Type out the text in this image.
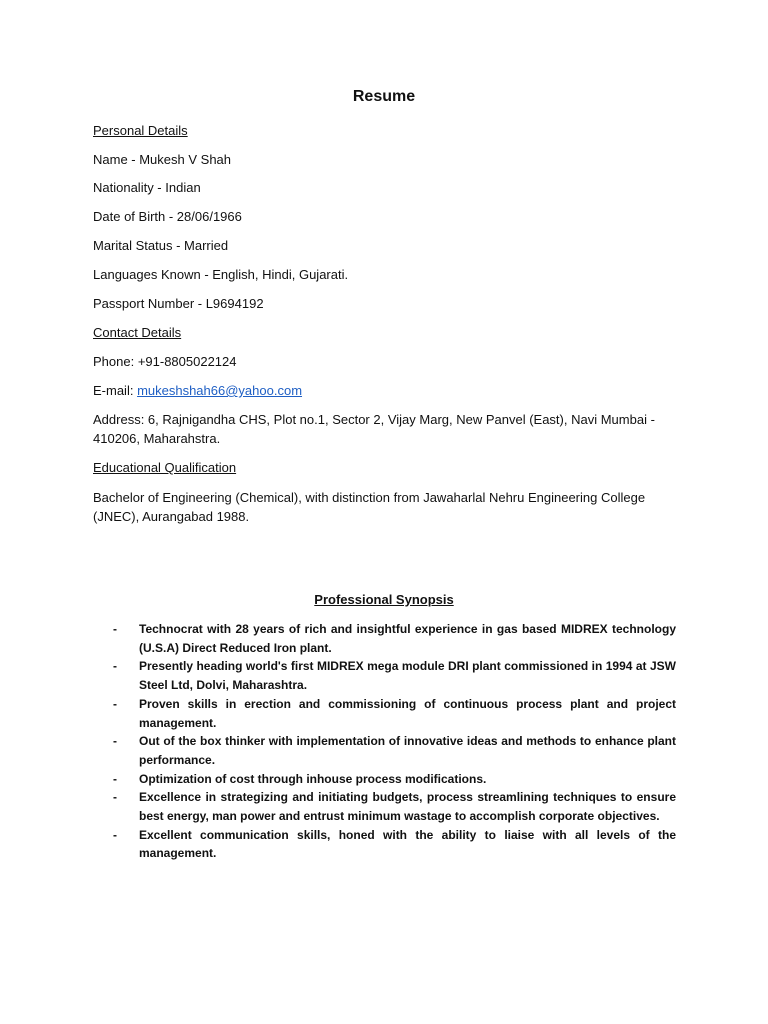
Resume
Personal Details
Name - Mukesh V Shah
Nationality - Indian
Date of Birth - 28/06/1966
Marital Status - Married
Languages Known - English, Hindi, Gujarati.
Passport Number - L9694192
Contact Details
Phone: +91-8805022124
E-mail: mukeshshah66@yahoo.com
Address: 6, Rajnigandha CHS, Plot no.1, Sector 2, Vijay Marg, New Panvel (East), Navi Mumbai - 410206, Maharahstra.
Educational Qualification
Bachelor of Engineering (Chemical), with distinction from Jawaharlal Nehru Engineering College (JNEC), Aurangabad 1988.
Professional Synopsis
- Technocrat with 28 years of rich and insightful experience in gas based MIDREX technology (U.S.A) Direct Reduced Iron plant.
- Presently heading world's first MIDREX mega module DRI plant commissioned in 1994 at JSW Steel Ltd, Dolvi, Maharashtra.
- Proven skills in erection and commissioning of continuous process plant and project management.
- Out of the box thinker with implementation of innovative ideas and methods to enhance plant performance.
- Optimization of cost through inhouse process modifications.
- Excellence in strategizing and initiating budgets, process streamlining techniques to ensure best energy, man power and entrust minimum wastage to accomplish corporate objectives.
- Excellent communication skills, honed with the ability to liaise with all levels of the management.
